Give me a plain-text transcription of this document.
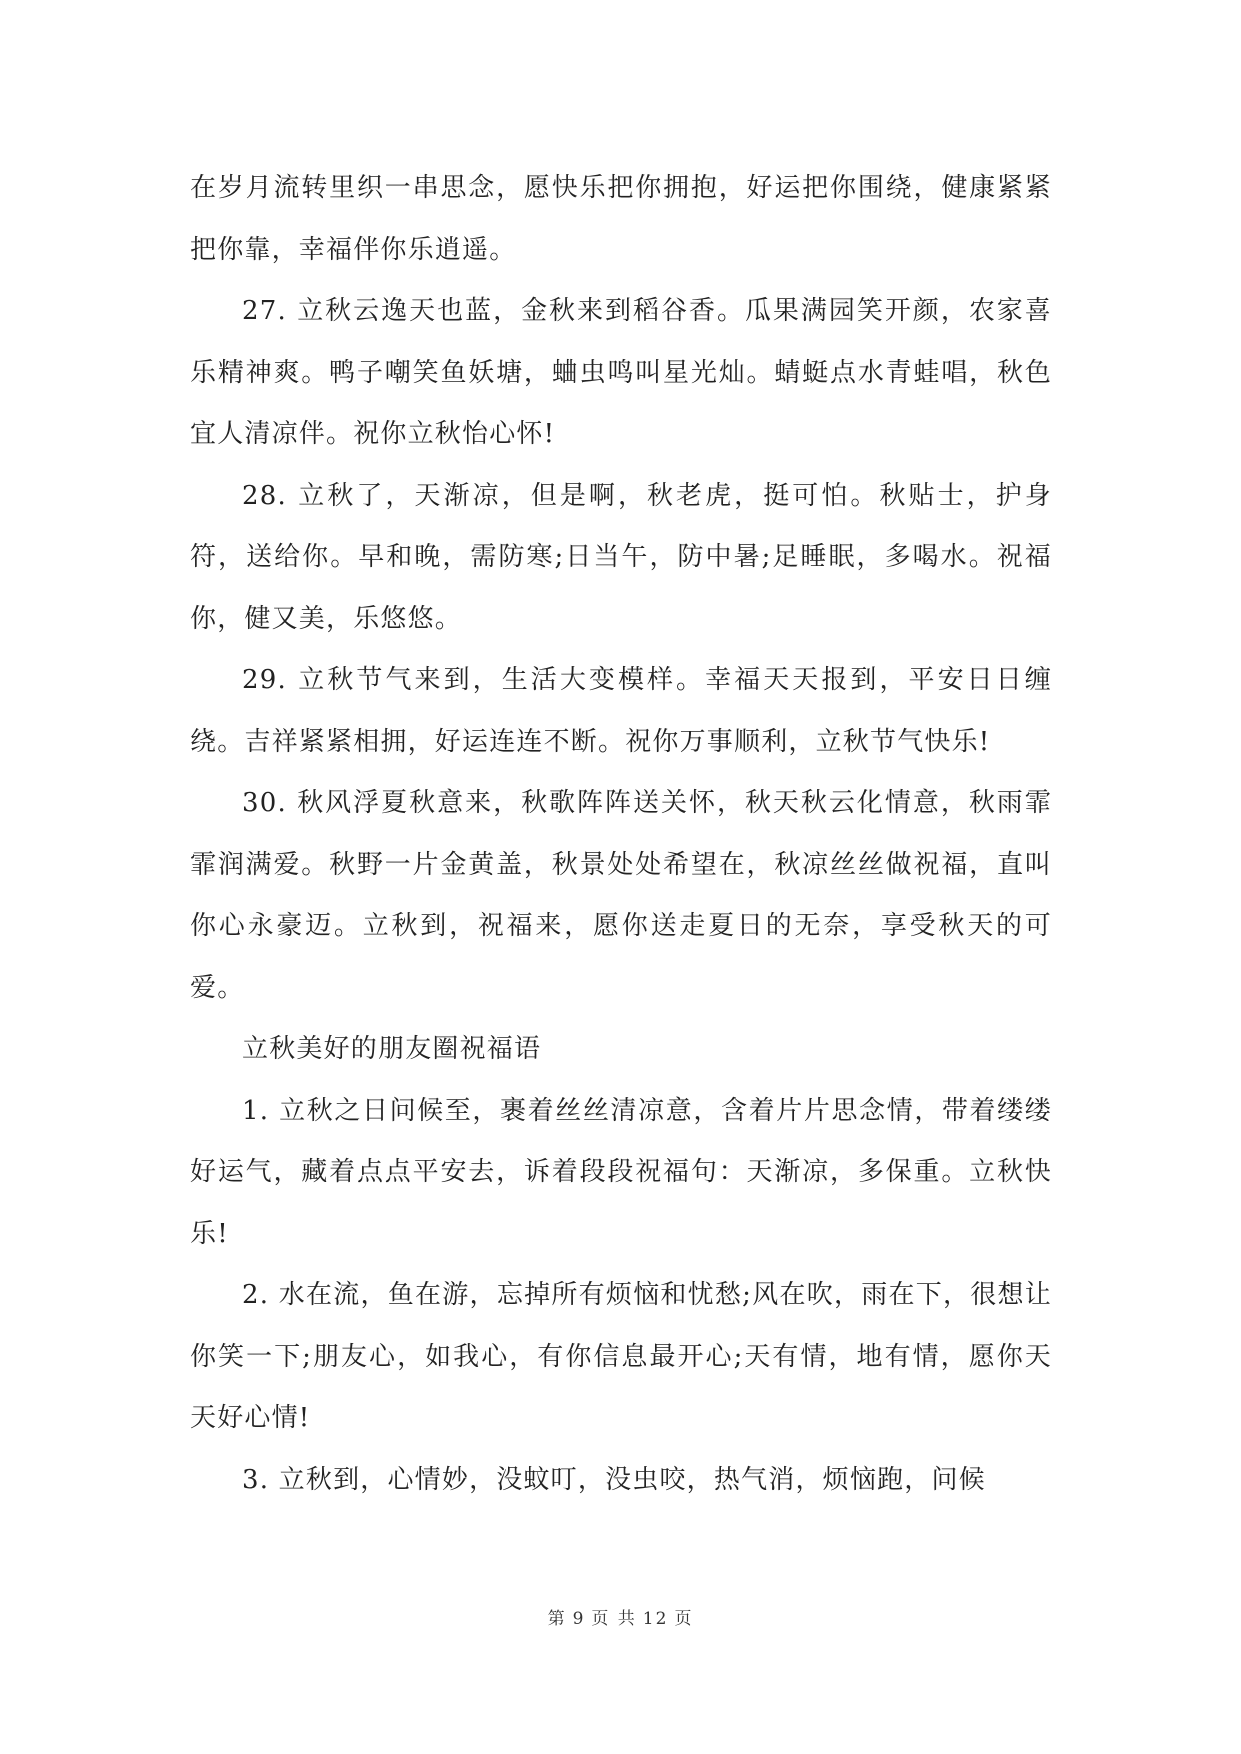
在岁月流转里织一串思念，愿快乐把你拥抱，好运把你围绕，健康紧紧把你靠，幸福伴你乐逍遥。

27. 立秋云逸天也蓝，金秋来到稻谷香。瓜果满园笑开颜，农家喜乐精神爽。鸭子嘲笑鱼妖塘，蛐虫鸣叫星光灿。蜻蜓点水青蛙唱，秋色宜人清凉伴。祝你立秋怡心怀!

28. 立秋了，天渐凉，但是啊，秋老虎，挺可怕。秋贴士，护身符，送给你。早和晚，需防寒;日当午，防中暑;足睡眠，多喝水。祝福你，健又美，乐悠悠。

29. 立秋节气来到，生活大变模样。幸福天天报到，平安日日缠绕。吉祥紧紧相拥，好运连连不断。祝你万事顺利，立秋节气快乐!

30. 秋风浮夏秋意来，秋歌阵阵送关怀，秋天秋云化情意，秋雨霏霏润满爱。秋野一片金黄盖，秋景处处希望在，秋凉丝丝做祝福，直叫你心永豪迈。立秋到，祝福来，愿你送走夏日的无奈，享受秋天的可爱。

立秋美好的朋友圈祝福语

1. 立秋之日问候至，裹着丝丝清凉意，含着片片思念情，带着缕缕好运气，藏着点点平安去，诉着段段祝福句：天渐凉，多保重。立秋快乐!

2. 水在流，鱼在游，忘掉所有烦恼和忧愁;风在吹，雨在下，很想让你笑一下;朋友心，如我心，有你信息最开心;天有情，地有情，愿你天天好心情!

3. 立秋到，心情妙，没蚊叮，没虫咬，热气消，烦恼跑，问候

第 9 页 共 12 页
